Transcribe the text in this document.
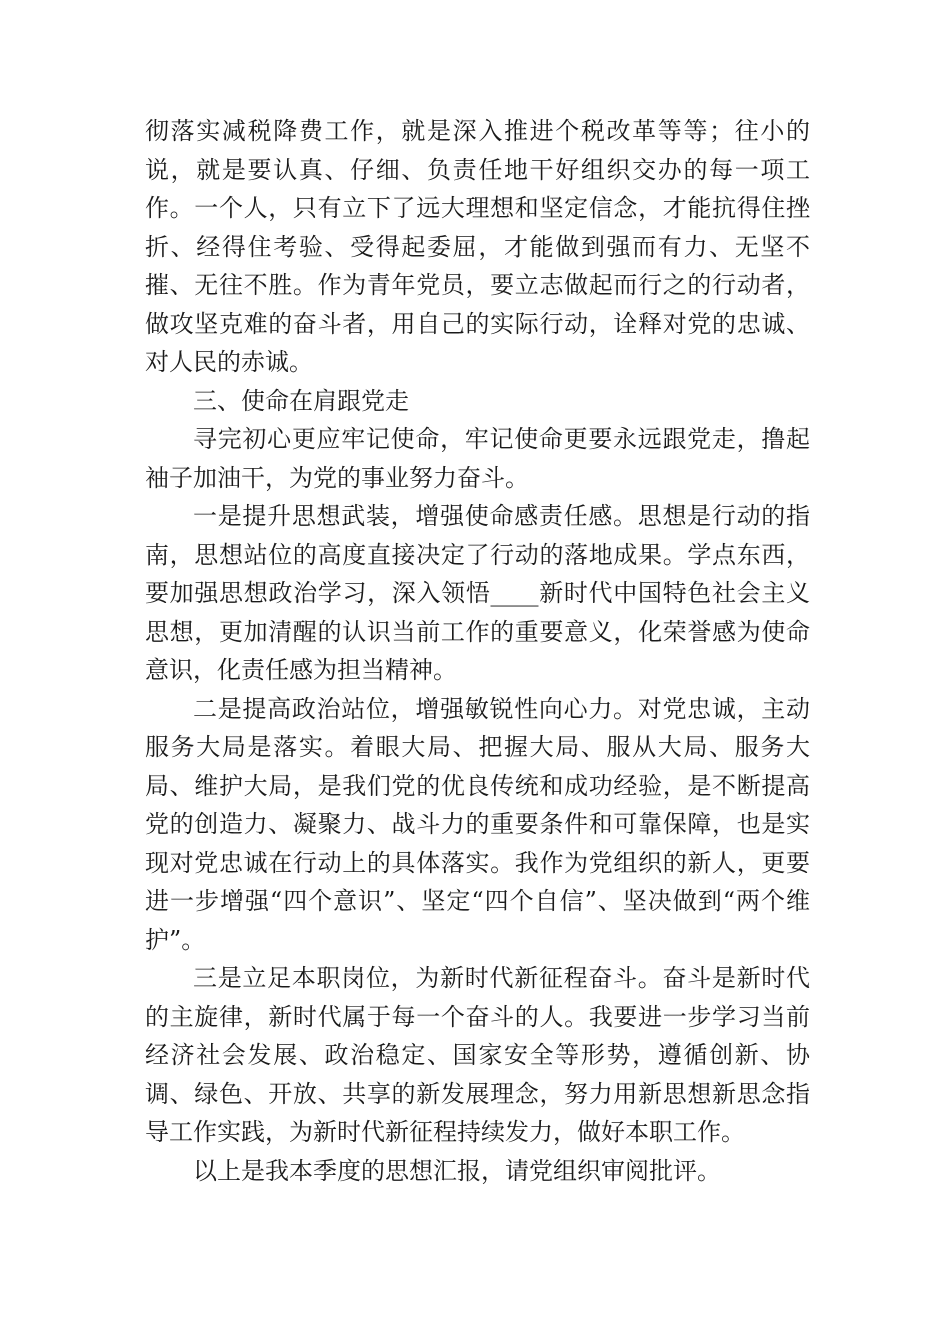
彻落实减税降费工作，就是深入推进个税改革等等；往小的说，就是要认真、仔细、负责任地干好组织交办的每一项工作。一个人，只有立下了远大理想和坚定信念，才能抗得住挫折、经得住考验、受得起委屈，才能做到强而有力、无坚不摧、无往不胜。作为青年党员，要立志做起而行之的行动者，做攻坚克难的奋斗者，用自己的实际行动，诠释对党的忠诚、对人民的赤诚。

三、使命在肩跟党走

寻完初心更应牢记使命，牢记使命更要永远跟党走，撸起袖子加油干，为党的事业努力奋斗。

一是提升思想武装，增强使命感责任感。思想是行动的指南，思想站位的高度直接决定了行动的落地成果。学点东西，要加强思想政治学习，深入领悟____新时代中国特色社会主义思想，更加清醒的认识当前工作的重要意义，化荣誉感为使命意识，化责任感为担当精神。

二是提高政治站位，增强敏锐性向心力。对党忠诚，主动服务大局是落实。着眼大局、把握大局、服从大局、服务大局、维护大局，是我们党的优良传统和成功经验，是不断提高党的创造力、凝聚力、战斗力的重要条件和可靠保障，也是实现对党忠诚在行动上的具体落实。我作为党组织的新人，更要进一步增强“四个意识”、坚定“四个自信”、坚决做到“两个维护”。

三是立足本职岗位，为新时代新征程奋斗。奋斗是新时代的主旋律，新时代属于每一个奋斗的人。我要进一步学习当前经济社会发展、政治稳定、国家安全等形势，遵循创新、协调、绿色、开放、共享的新发展理念，努力用新思想新思念指导工作实践，为新时代新征程持续发力，做好本职工作。

以上是我本季度的思想汇报，请党组织审阅批评。
